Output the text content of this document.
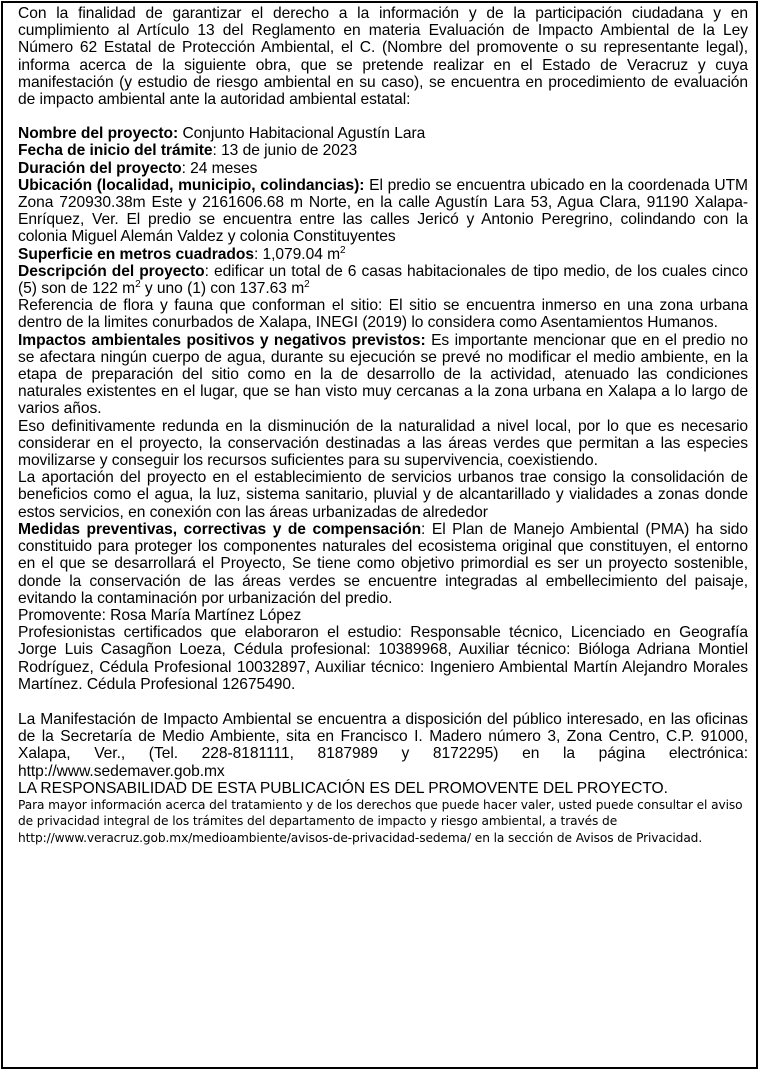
Con la finalidad de garantizar el derecho a la información y de la participación ciudadana y en cumplimiento al Artículo 13 del Reglamento en materia Evaluación de Impacto Ambiental de la Ley Número 62 Estatal de Protección Ambiental, el C. (Nombre del promovente o su representante legal), informa acerca de la siguiente obra, que se pretende realizar en el Estado de Veracruz y cuya manifestación (y estudio de riesgo ambiental en su caso), se encuentra en procedimiento de evaluación de impacto ambiental ante la autoridad ambiental estatal:

Nombre del proyecto: Conjunto Habitacional Agustín Lara

Fecha de inicio del trámite: 13 de junio de 2023

Duración del proyecto: 24 meses

Ubicación (localidad, municipio, colindancias): El predio se encuentra ubicado en la coordenada UTM Zona 720930.38m Este y 2161606.68 m Norte, en la calle Agustín Lara 53, Agua Clara, 91190 Xalapa-Enríquez, Ver. El predio se encuentra entre las calles Jericó y Antonio Peregrino, colindando con la colonia Miguel Alemán Valdez y colonia Constituyentes

Superficie en metros cuadrados: 1,079.04 $m^2$

Descripción del proyecto: edificar un total de 6 casas habitacionales de tipo medio, de los cuales cinco (5) son de 122 $m^2$ y uno (1) con 137.63 $m^2$

Referencia de flora y fauna que conforman el sitio: El sitio se encuentra inmerso en una zona urbana dentro de la limites conurbados de Xalapa, INEGI (2019) lo considera como Asentamientos Humanos.

Impactos ambientales positivos y negativos previstos: Es importante mencionar que en el predio no se afectara ningún cuerpo de agua, durante su ejecución se prevé no modificar el medio ambiente, en la etapa de preparación del sitio como en la de desarrollo de la actividad, atenuado las condiciones naturales existentes en el lugar, que se han visto muy cercanas a la zona urbana en Xalapa a lo largo de varios años.

Eso definitivamente redunda en la disminución de la naturalidad a nivel local, por lo que es necesario considerar en el proyecto, la conservación destinadas a las áreas verdes que permitan a las especies movilizarse y conseguir los recursos suficientes para su supervivencia, coexistiendo.

La aportación del proyecto en el establecimiento de servicios urbanos trae consigo la consolidación de beneficios como el agua, la luz, sistema sanitario, pluvial y de alcantarillado y vialidades a zonas donde estos servicios, en conexión con las áreas urbanizadas de alrededor

Medidas preventivas, correctivas y de compensación: El Plan de Manejo Ambiental (PMA) ha sido constituido para proteger los componentes naturales del ecosistema original que constituyen, el entorno en el que se desarrollará el Proyecto, Se tiene como objetivo primordial es ser un proyecto sostenible, donde la conservación de las áreas verdes se encuentre integradas al embellecimiento del paisaje, evitando la contaminación por urbanización del predio.

Promovente: Rosa María Martínez López

Profesionistas certificados que elaboraron el estudio: Responsable técnico, Licenciado en Geografía Jorge Luis Casagñon Loeza, Cédula profesional: 10389968, Auxiliar técnico: Bióloga Adriana Montiel Rodríguez, Cédula Profesional 10032897, Auxiliar técnico: Ingeniero Ambiental Martín Alejandro Morales Martínez. Cédula Profesional 12675490.

La Manifestación de Impacto Ambiental se encuentra a disposición del público interesado, en las oficinas de la Secretaría de Medio Ambiente, sita en Francisco I. Madero número 3, Zona Centro, C.P. 91000, Xalapa, Ver., (Tel. 228-8181111, 8187989 y 8172295) en la página electrónica: http://www.sedemaver.gob.mx

LA RESPONSABILIDAD DE ESTA PUBLICACIÓN ES DEL PROMOVENTE DEL PROYECTO.

Para mayor información acerca del tratamiento y de los derechos que puede hacer valer, usted puede consultar el aviso de privacidad integral de los trámites del departamento de impacto y riesgo ambiental, a través de http://www.veracruz.gob.mx/medioambiente/avisos-de-privacidad-sedema/ en la sección de Avisos de Privacidad.
